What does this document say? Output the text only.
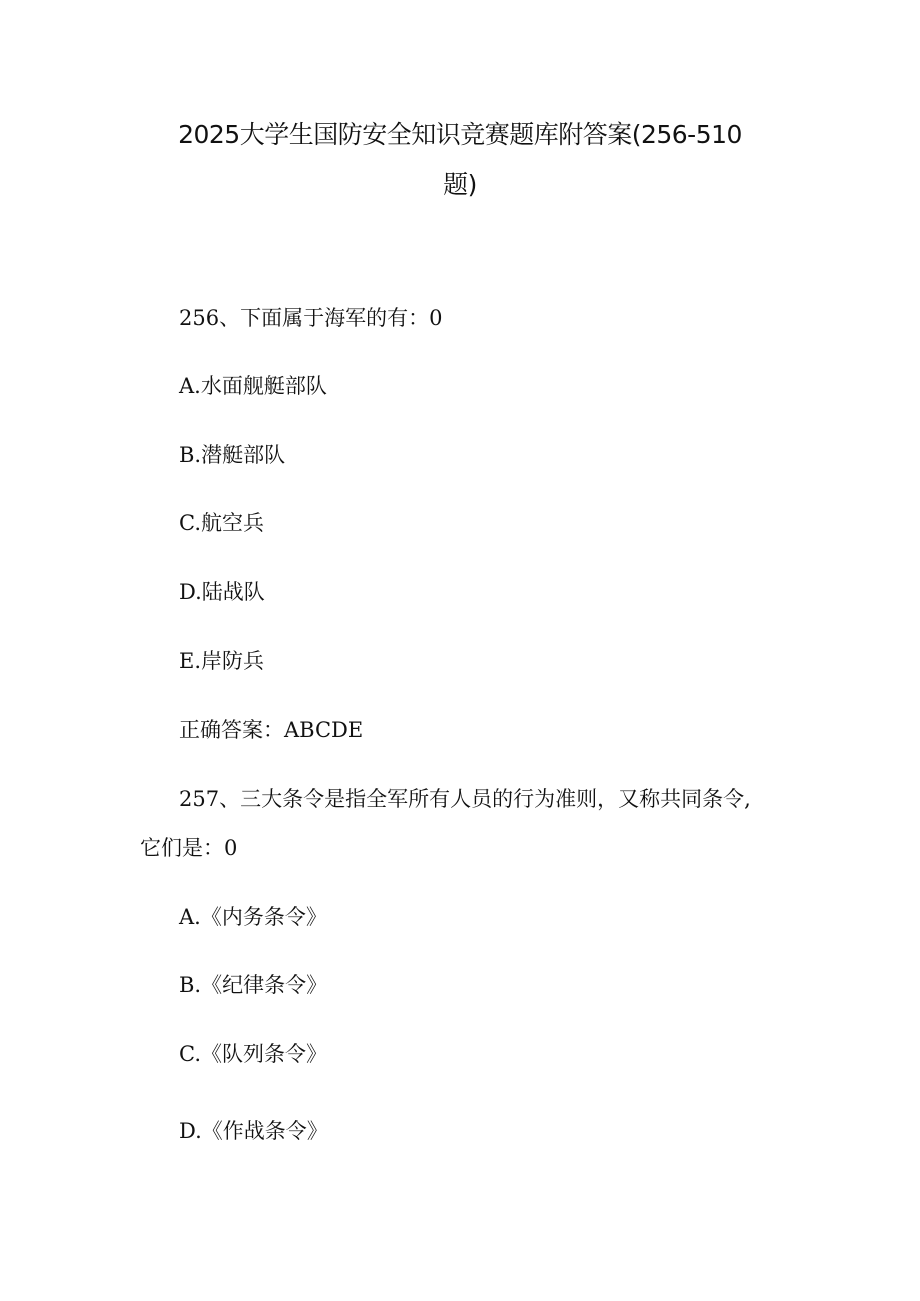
2025大学生国防安全知识竞赛题库附答案(256-510
题)
256、下面属于海军的有：0
A.水面舰艇部队
B.潜艇部队
C.航空兵
D.陆战队
E.岸防兵
正确答案：ABCDE
257、三大条令是指全军所有人员的行为准则，又称共同条令,
它们是：0
A.《内务条令》
B.《纪律条令》
C.《队列条令》
D.《作战条令》
